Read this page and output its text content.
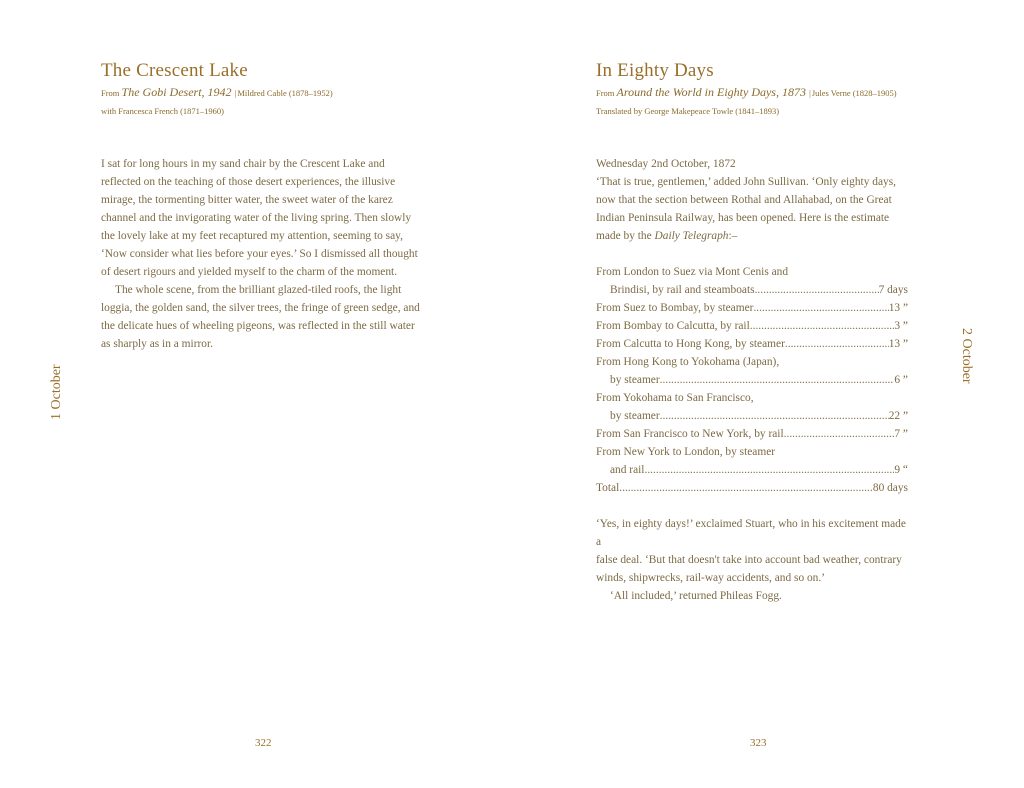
The Crescent Lake
From The Gobi Desert, 1942 |Mildred Cable (1878–1952)
with Francesca French (1871–1960)

I sat for long hours in my sand chair by the Crescent Lake and

reflected on the teaching of those desert experiences, the illusive

mirage, the tormenting bitter water, the sweet water of the karez

channel and the invigorating water of the living spring. Then slowly

the lovely lake at my feet recaptured my attention, seeming to say,

‘Now consider what lies before your eyes.’ So I dismissed all thought

of desert rigours and yielded myself to the charm of the moment.

The whole scene, from the brilliant glazed-tiled roofs, the light

loggia, the golden sand, the silver trees, the fringe of green sedge, and

the delicate hues of wheeling pigeons, was reflected in the still water

as sharply as in a mirror.

1 October
322
In Eighty Days
From Around the World in Eighty Days, 1873 |Jules Verne (1828–1905)
Translated by George Makepeace Towle (1841–1893)

Wednesday 2nd October, 1872

‘That is true, gentlemen,’ added John Sullivan. ‘Only eighty days,

now that the section between Rothal and Allahabad, on the Great

Indian Peninsula Railway, has been opened. Here is the estimate

made by the Daily Telegraph:–

From London to Suez via Mont Cenis and

Brindisi, by rail and steamboats .....	7 days
From Suez to Bombay, by steamer .....	13 ”
From Bombay to Calcutta, by rail .....	3 ”
From Calcutta to Hong Kong, by steamer .....	13 ”

From Hong Kong to Yokohama (Japan),

by steamer .....	6 ”

From Yokohama to San Francisco,

by steamer .....	22 ”
From San Francisco to New York, by rail .....	7 ”

From New York to London, by steamer

and rail .....	9 “
Total .....	80 days

‘Yes, in eighty days!’ exclaimed Stuart, who in his excitement made a

false deal. ‘But that doesn't take into account bad weather, contrary

winds, shipwrecks, rail-way accidents, and so on.’

‘All included,’ returned Phileas Fogg.

2 October
323
